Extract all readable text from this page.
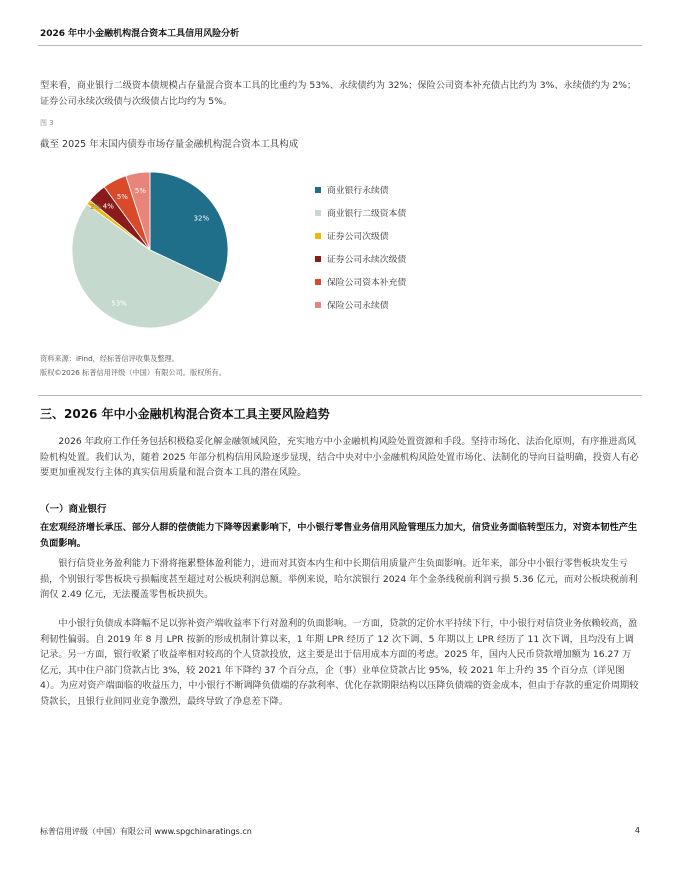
2026 年中小金融机构混合资本工具信用风险分析

型来看，商业银行二级资本债规模占存量混合资本工具的比重约为 53%、永续债约为 32%；保险公司资本补充债占比约为 3%、永续债约为 2%；证券公司永续次级债与次级债占比均约为 5%。

图 3
截至 2025 年末国内债券市场存量金融机构混合资本工具构成
32%
53%
4%
5%
5%
2%
商业银行永续债
商业银行二级资本债
证券公司次级债
证券公司永续次级债
保险公司资本补充债
保险公司永续债
资料来源：iFind，经标普信评收集及整理。
版权©2026 标普信用评级（中国）有限公司。版权所有。
三、2026 年中小金融机构混合资本工具主要风险趋势

2026 年政府工作任务包括积极稳妥化解金融领域风险，充实地方中小金融机构风险处置资源和手段。坚持市场化、法治化原则，有序推进高风险机构处置。我们认为，随着 2025 年部分机构信用风险逐步显现，结合中央对中小金融机构风险处置市场化、法制化的导向日益明确，投资人有必要更加重视发行主体的真实信用质量和混合资本工具的潜在风险。

（一）商业银行

在宏观经济增长承压、部分人群的偿债能力下降等因素影响下，中小银行零售业务信用风险管理压力加大，信贷业务面临转型压力，对资本韧性产生负面影响。

银行信贷业务盈利能力下滑将拖累整体盈利能力，进而对其资本内生和中长期信用质量产生负面影响。近年来，部分中小银行零售板块发生亏损，个别银行零售板块亏损幅度甚至超过对公板块利润总额。举例来说，哈尔滨银行 2024 年个金条线税前利润亏损 5.36 亿元，而对公板块税前利润仅 2.49 亿元，无法覆盖零售板块损失。

中小银行负债成本降幅不足以弥补资产端收益率下行对盈利的负面影响。一方面，贷款的定价水平持续下行，中小银行对信贷业务依赖较高，盈利韧性偏弱。自 2019 年 8 月 LPR 按新的形成机制计算以来，1 年期 LPR 经历了 12 次下调、5 年期以上 LPR 经历了 11 次下调，且均没有上调记录。另一方面，银行收紧了收益率相对较高的个人贷款投放，这主要是出于信用成本方面的考虑。2025 年，国内人民币贷款增加额为 16.27 万亿元，其中住户部门贷款占比 3%，较 2021 年下降约 37 个百分点，企（事）业单位贷款占比 95%，较 2021 年上升约 35 个百分点（详见图 4）。为应对资产端面临的收益压力，中小银行不断调降负债端的存款利率、优化存款期限结构以压降负债端的资金成本，但由于存款的重定价周期较贷款长，且银行业间同业竞争激烈，最终导致了净息差下降。

标普信用评级（中国）有限公司 www.spgchinaratings.cn	4
